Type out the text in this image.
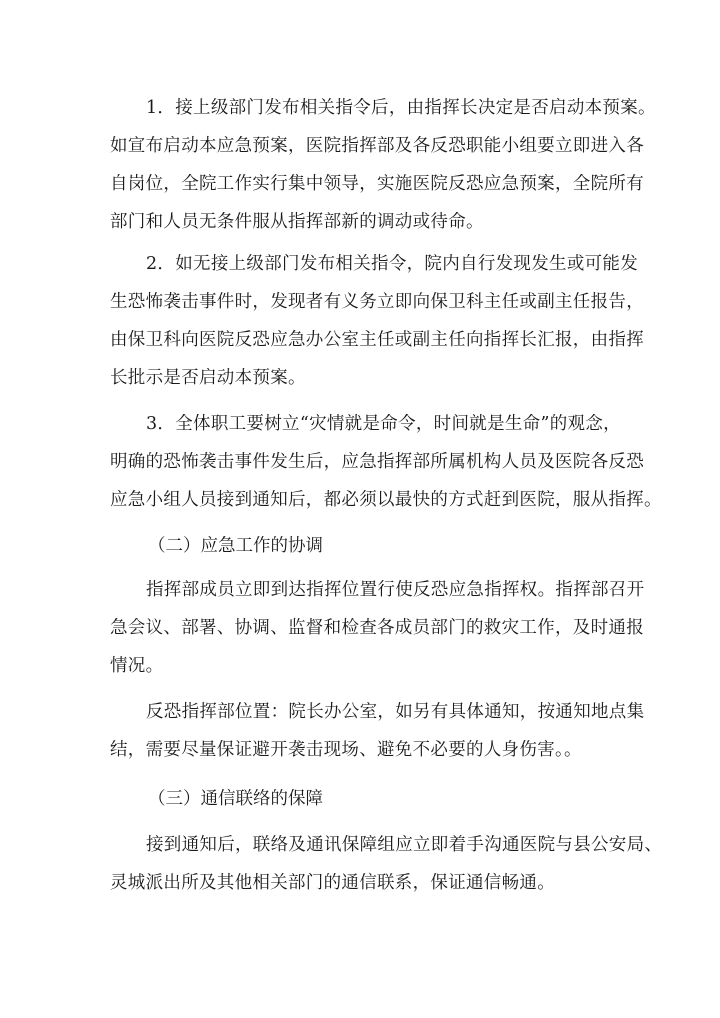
1．接上级部门发布相关指令后，由指挥长决定是否启动本预案。
如宣布启动本应急预案，医院指挥部及各反恐职能小组要立即进入各
自岗位，全院工作实行集中领导，实施医院反恐应急预案，全院所有
部门和人员无条件服从指挥部新的调动或待命。
2．如无接上级部门发布相关指令，院内自行发现发生或可能发
生恐怖袭击事件时，发现者有义务立即向保卫科主任或副主任报告，
由保卫科向医院反恐应急办公室主任或副主任向指挥长汇报，由指挥
长批示是否启动本预案。
3．全体职工要树立“灾情就是命令，时间就是生命”的观念，
明确的恐怖袭击事件发生后，应急指挥部所属机构人员及医院各反恐
应急小组人员接到通知后，都必须以最快的方式赶到医院，服从指挥。
（二）应急工作的协调
指挥部成员立即到达指挥位置行使反恐应急指挥权。指挥部召开
急会议、部署、协调、监督和检查各成员部门的救灾工作，及时通报
情况。
反恐指挥部位置：院长办公室，如另有具体通知，按通知地点集
结，需要尽量保证避开袭击现场、避免不必要的人身伤害。。
（三）通信联络的保障
接到通知后，联络及通讯保障组应立即着手沟通医院与县公安局、
灵城派出所及其他相关部门的通信联系，保证通信畅通。
